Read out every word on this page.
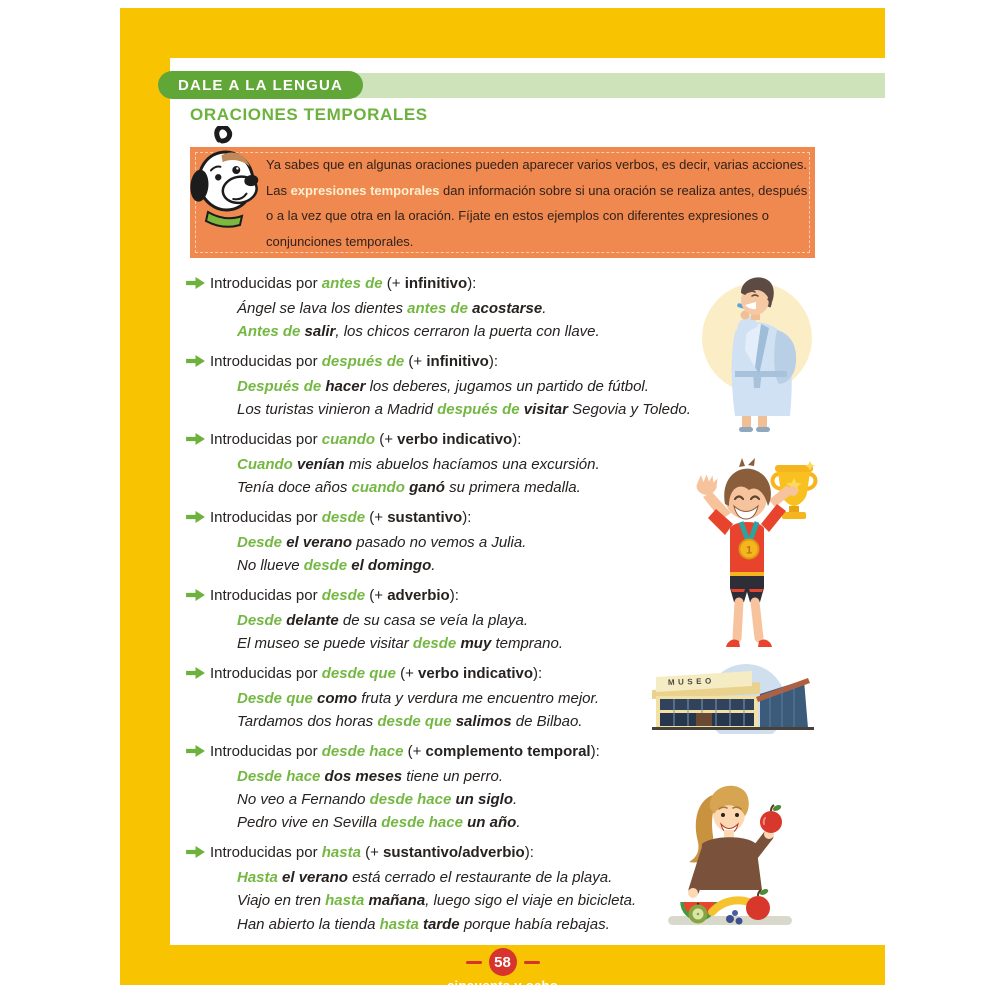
DALE A LA LENGUA
ORACIONES TEMPORALES
Ya sabes que en algunas oraciones pueden aparecer varios verbos, es decir, varias acciones. Las expresiones temporales dan información sobre si una oración se realiza antes, después o a la vez que otra en la oración. Fíjate en estos ejemplos con diferentes expresiones o conjunciones temporales.
Introducidas por antes de (+ infinitivo):
Ángel se lava los dientes antes de acostarse.
Antes de salir, los chicos cerraron la puerta con llave.
Introducidas por después de (+ infinitivo):
Después de hacer los deberes, jugamos un partido de fútbol.
Los turistas vinieron a Madrid después de visitar Segovia y Toledo.
Introducidas por cuando (+ verbo indicativo):
Cuando venían mis abuelos hacíamos una excursión.
Tenía doce años cuando ganó su primera medalla.
Introducidas por desde (+ sustantivo):
Desde el verano pasado no vemos a Julia.
No llueve desde el domingo.
Introducidas por desde (+ adverbio):
Desde delante de su casa se veía la playa.
El museo se puede visitar desde muy temprano.
Introducidas por desde que (+ verbo indicativo):
Desde que como fruta y verdura me encuentro mejor.
Tardamos dos horas desde que salimos de Bilbao.
Introducidas por desde hace (+ complemento temporal):
Desde hace dos meses tiene un perro.
No veo a Fernando desde hace un siglo.
Pedro vive en Sevilla desde hace un año.
Introducidas por hasta (+ sustantivo/adverbio):
Hasta el verano está cerrado el restaurante de la playa.
Viajo en tren hasta mañana, luego sigo el viaje en bicicleta.
Han abierto la tienda hasta tarde porque había rebajas.
1
MUSEO
58
cincuenta y ocho
